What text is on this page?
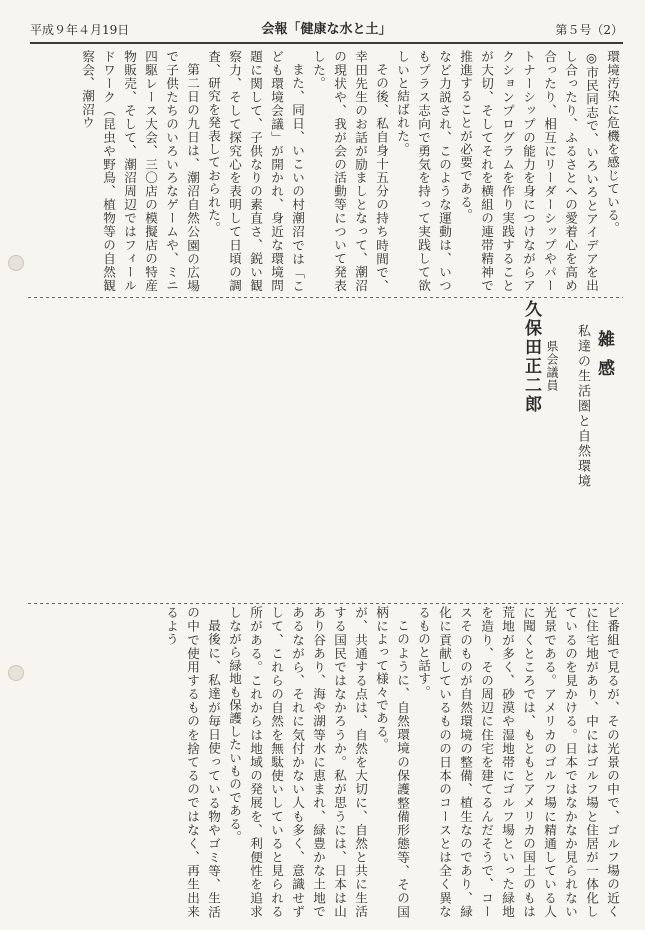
平成９年４月19日	会報「健康な水と土」	第５号（2）

環境汚染に危機を感じている。

◎市民同志で、いろいろとアイデアを出し合ったり、ふるさとへの愛着心を高め合ったり、相互にリーダーシップやパートナーシップの能力を身につけながらアクションプログラムを作り実践することが大切、そしてそれを横組の連帯精神で推進することが必要である。

など力説され、このような運動は、いつもプラス志向で勇気を持って実践して欲しいと結ばれた。

その後、私自身十五分の持ち時間で、幸田先生のお話が励ましとなって、潮沼の現状や、我が会の活動等について発表した。

また、同日、いこいの村潮沼では「こども環境会議」が開かれ、身近な環境問題に関して、子供なりの素直さ、鋭い観察力、そして探究心を表明して日頃の調査、研究を発表しておられた。

第二日の九日は、潮沼自然公園の広場で子供たちのいろいろなゲームや、ミニ四駆レース大会、三〇店の模擬店の特産物販売、そして、潮沼周辺ではフィールドワーク（昆虫や野鳥、植物等の自然観察会、潮沼ウ

雑感
私達の生活圏と自然環境
県会議員
久保田正二郎

ビ番組で見るが、その光景の中で、ゴルフ場の近くに住宅地があり、中にはゴルフ場と住居が一体化しているのを見かける。日本ではなかなか見られない光景である。アメリカのゴルフ場に精通している人に聞くところでは、もともとアメリカの国土のもは荒地が多く、砂漠や湿地帯にゴルフ場といった緑地を造り、その周辺に住宅を建てるんだそうで、コースそのものが自然環境の整備、植生なのであり、緑化に貢献しているものの日本のコースとは全く異なるものと話す。

このように、自然環境の保護整備形態等、その国柄によって様々である。

が、共通する点は、自然を大切に、自然と共に生活する国民ではなかろうか。私が思うには、日本は山あり谷あり、海や湖等水に恵まれ、緑豊かな土地であるながら、それに気付かない人も多く、意識せずして、これらの自然を無駄使いしていると見られる所がある。これからは地域の発展を、利便性を追求しながら緑地も保護したいものである。

最後に、私達が毎日使っている物やゴミ等、生活の中で使用するものを捨てるのではなく、再生出来るよう
